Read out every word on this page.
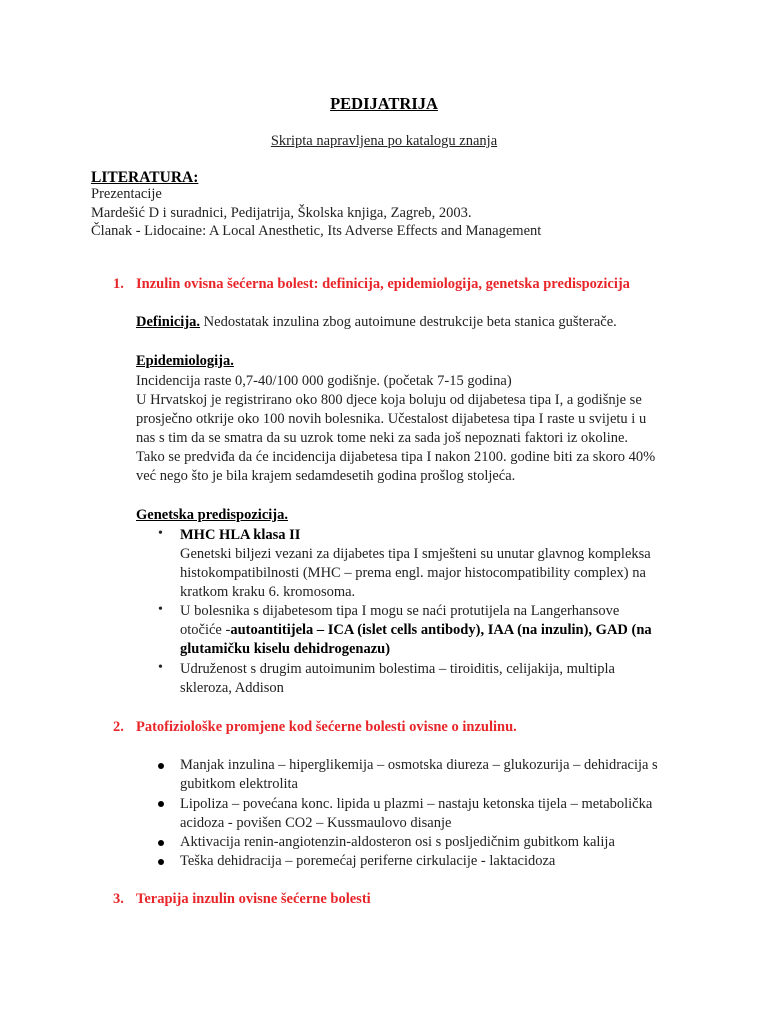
PEDIJATRIJA
Skripta napravljena po katalogu znanja
LITERATURA:
Prezentacije
Mardešić D i suradnici, Pedijatrija, Školska knjiga, Zagreb, 2003.
Članak - Lidocaine: A Local Anesthetic, Its Adverse Effects and Management
1. Inzulin ovisna šećerna bolest: definicija, epidemiologija, genetska predispozicija
Definicija. Nedostatak inzulina zbog autoimune destrukcije beta stanica gušterače.
Epidemiologija.
Incidencija raste 0,7-40/100 000 godišnje. (početak 7-15 godina)
U Hrvatskoj je registrirano oko 800 djece koja boluju od dijabetesa tipa I, a godišnje se
prosječno otkrije oko 100 novih bolesnika. Učestalost dijabetesa tipa I raste u svijetu i u
nas s tim da se smatra da su uzrok tome neki za sada još nepoznati faktori iz okoline.
Tako se predviđa da će incidencija dijabetesa tipa I nakon 2100. godine biti za skoro 40%
već nego što je bila krajem sedamdesetih godina prošlog stoljeća.
Genetska predispozicija.
• MHC HLA klasa II
Genetski biljezi vezani za dijabetes tipa I smješteni su unutar glavnog kompleksa
histokompatibilnosti (MHC – prema engl. major histocompatibility complex) na
kratkom kraku 6. kromosoma.
• U bolesnika s dijabetesom tipa I mogu se naći protutijela na Langerhansove
otočiće -autoantitijela – ICA (islet cells antibody), IAA (na inzulin), GAD (na
glutamičku kiselu dehidrogenazu)
• Udruženost s drugim autoimunim bolestima – tiroiditis, celijakija, multipla
skleroza, Addison
2. Patofiziološke promjene kod šećerne bolesti ovisne o inzulinu.
Manjak inzulina – hiperglikemija – osmotska diureza – glukozurija – dehidracija s
gubitkom elektrolita
Lipoliza – povećana konc. lipida u plazmi – nastaju ketonska tijela – metabolička
acidoza - povišen CO2 – Kussmaulovo disanje
Aktivacija renin-angiotenzin-aldosteron osi s posljedičnim gubitkom kalija
Teška dehidracija – poremećaj periferne cirkulacije - laktacidoza
3. Terapija inzulin ovisne šećerne bolesti
